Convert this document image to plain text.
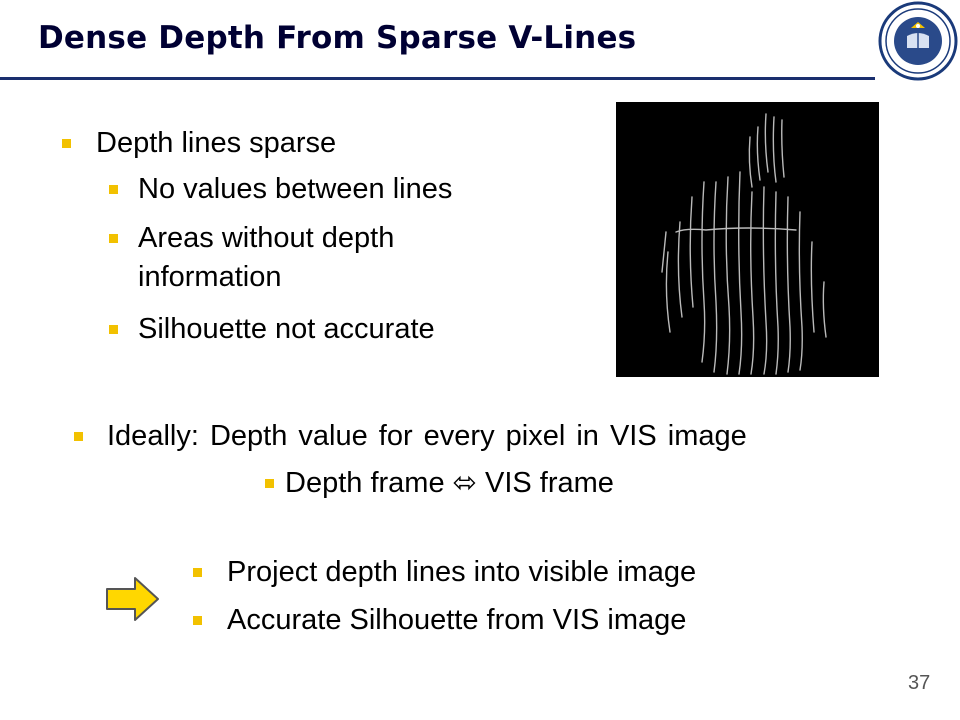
Dense Depth From Sparse V-Lines
Depth lines sparse
No values between lines
Areas without depth
information
Silhouette not accurate
Ideally: Depth value for every pixel in VIS image
Depth frame ⬄ VIS frame
Project depth lines into visible image
Accurate Silhouette from VIS image
37
